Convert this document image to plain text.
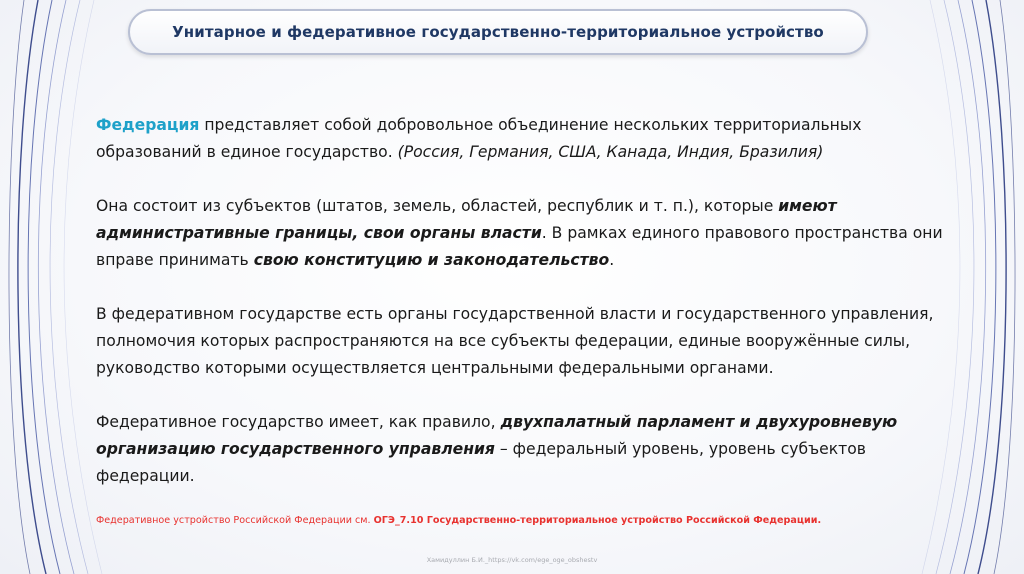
Унитарное и федеративное государственно-территориальное устройство

Федерация представляет собой добровольное объединение нескольких территориальных образований в единое государство. (Россия, Германия, США, Канада, Индия, Бразилия)

Она состоит из субъектов (штатов, земель, областей, республик и т. п.), которые имеют административные границы, свои органы власти. В рамках единого правового пространства они вправе принимать свою конституцию и законодательство.

В федеративном государстве есть органы государственной власти и государственного управления, полномочия которых распространяются на все субъекты федерации, единые вооружённые силы, руководство которыми осуществляется центральными федеральными органами.

Федеративное государство имеет, как правило, двухпалатный парламент и двухуровневую организацию государственного управления – федеральный уровень, уровень субъектов федерации.

Федеративное устройство Российской Федерации см. ОГЭ_7.10 Государственно-территориальное устройство Российской Федерации.
Хамидуллин Б.И._https://vk.com/ege_oge_obshestv
